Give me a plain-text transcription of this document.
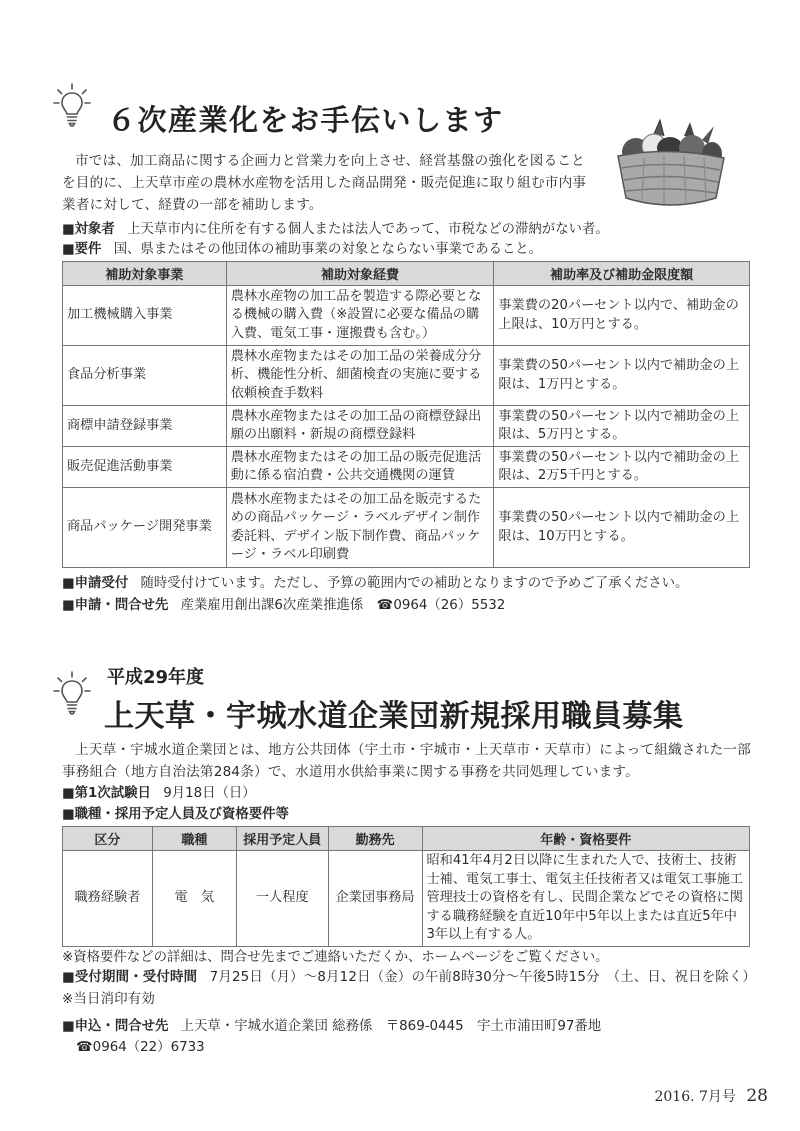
６次産業化をお手伝いします
市では、加工商品に関する企画力と営業力を向上させ、経営基盤の強化を図ることを目的に、上天草市産の農林水産物を活用した商品開発・販売促進に取り組む市内事業者に対して、経費の一部を補助します。
■対象者 上天草市内に住所を有する個人または法人であって、市税などの滞納がない者。
■要件 国、県またはその他団体の補助事業の対象とならない事業であること。
補助対象事業	補助対象経費	補助率及び補助金限度額
加工機械購入事業	農林水産物の加工品を製造する際必要となる機械の購入費（※設置に必要な備品の購入費、電気工事・運搬費も含む。）	事業費の20パーセント以内で、補助金の上限は、10万円とする。
食品分析事業	農林水産物またはその加工品の栄養成分分析、機能性分析、細菌検査の実施に要する依頼検査手数料	事業費の50パーセント以内で補助金の上限は、1万円とする。
商標申請登録事業	農林水産物またはその加工品の商標登録出願の出願料・新規の商標登録料	事業費の50パーセント以内で補助金の上限は、5万円とする。
販売促進活動事業	農林水産物またはその加工品の販売促進活動に係る宿泊費・公共交通機関の運賃	事業費の50パーセント以内で補助金の上限は、2万5千円とする。
商品パッケージ開発事業	農林水産物またはその加工品を販売するための商品パッケージ・ラベルデザイン制作委託料、デザイン版下制作費、商品パッケージ・ラベル印刷費	事業費の50パーセント以内で補助金の上限は、10万円とする。
■申請受付 随時受付けています。ただし、予算の範囲内での補助となりますので予めご了承ください。
■申請・問合せ先 産業雇用創出課6次産業推進係　☎0964（26）5532
平成29年度
上天草・宇城水道企業団新規採用職員募集
上天草・宇城水道企業団とは、地方公共団体（宇土市・宇城市・上天草市・天草市）によって組織された一部事務組合（地方自治法第284条）で、水道用水供給事業に関する事務を共同処理しています。
■第1次試験日 9月18日（日）
■職種・採用予定人員及び資格要件等
区分	職種	採用予定人員	勤務先	年齢・資格要件
職務経験者	電　気	一人程度	企業団事務局	昭和41年4月2日以降に生まれた人で、技術士、技術士補、電気工事士、電気主任技術者又は電気工事施工管理技士の資格を有し、民間企業などでその資格に関する職務経験を直近10年中5年以上または直近5年中3年以上有する人。
※資格要件などの詳細は、問合せ先までご連絡いただくか、ホームページをご覧ください。
■受付期間・受付時間 7月25日（月）～8月12日（金）の午前8時30分～午後5時15分　（土、日、祝日を除く）※当日消印有効
■申込・問合せ先 上天草・宇城水道企業団 総務係　〒869-0445　宇土市浦田町97番地
☎0964（22）6733
2016. 7月号 28
